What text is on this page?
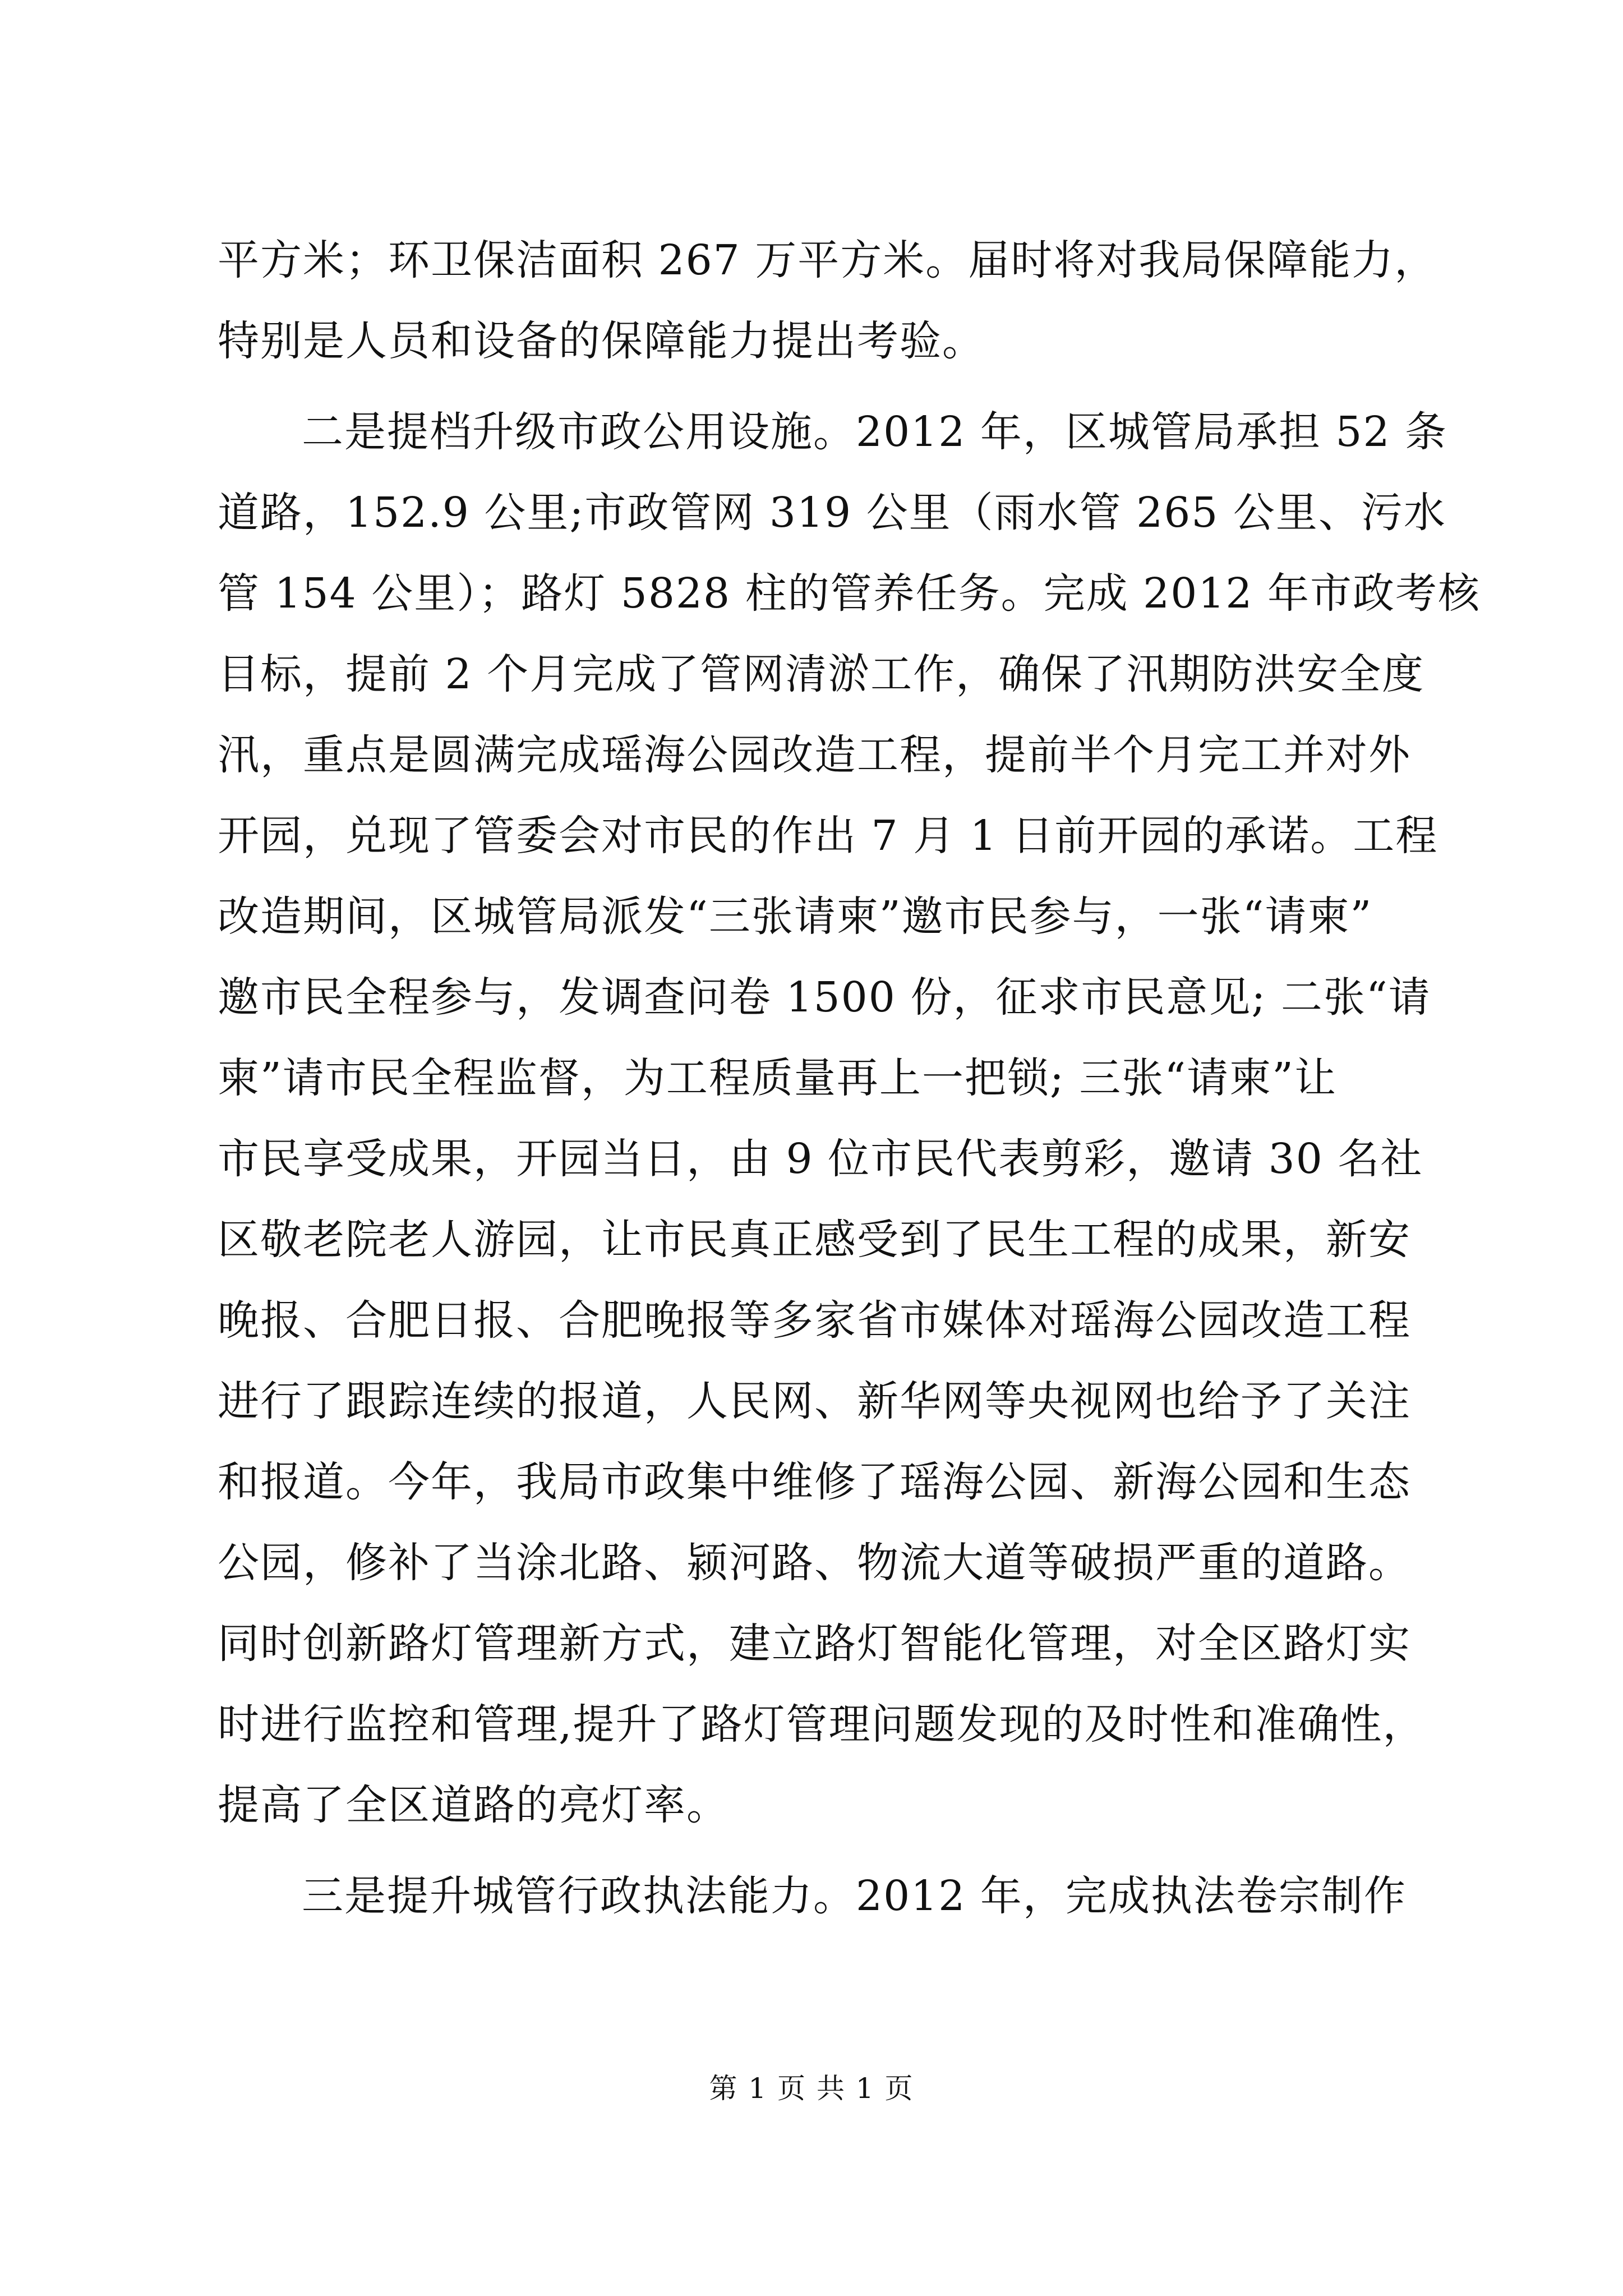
平方米；环卫保洁面积 267 万平方米。届时将对我局保障能力，
特别是人员和设备的保障能力提出考验。
二是提档升级市政公用设施。2012 年，区城管局承担 52 条
道路，152.9 公里;市政管网 319 公里（雨水管 265 公里、污水
管 154 公里）；路灯 5828 柱的管养任务。完成 2012 年市政考核
目标，提前 2 个月完成了管网清淤工作，确保了汛期防洪安全度
汛，重点是圆满完成瑶海公园改造工程，提前半个月完工并对外
开园，兑现了管委会对市民的作出 7 月 1 日前开园的承诺。工程
改造期间，区城管局派发“三张请柬”邀市民参与，一张“请柬”
邀市民全程参与，发调查问卷 1500 份，征求市民意见; 二张“请
柬”请市民全程监督，为工程质量再上一把锁; 三张“请柬”让
市民享受成果，开园当日，由 9 位市民代表剪彩，邀请 30 名社
区敬老院老人游园，让市民真正感受到了民生工程的成果，新安
晚报、合肥日报、合肥晚报等多家省市媒体对瑶海公园改造工程
进行了跟踪连续的报道，人民网、新华网等央视网也给予了关注
和报道。今年，我局市政集中维修了瑶海公园、新海公园和生态
公园，修补了当涂北路、颍河路、物流大道等破损严重的道路。
同时创新路灯管理新方式，建立路灯智能化管理，对全区路灯实
时进行监控和管理,提升了路灯管理问题发现的及时性和准确性，
提高了全区道路的亮灯率。
三是提升城管行政执法能力。2012 年，完成执法卷宗制作
第 1 页 共 1 页
